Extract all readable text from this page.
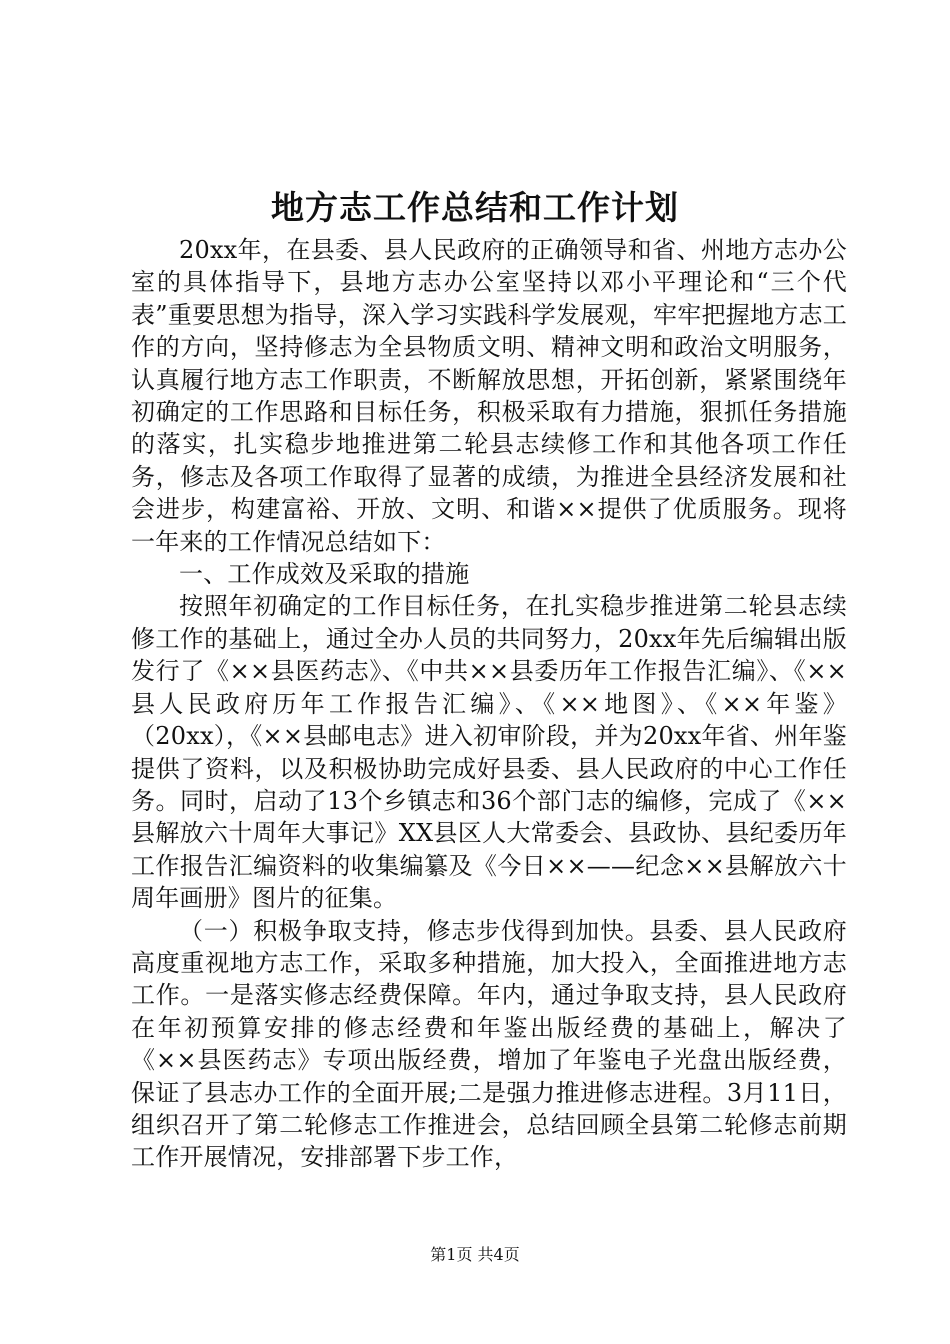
地方志工作总结和工作计划

20xx年，在县委、县人民政府的正确领导和省、州地方志办公室的具体指导下，县地方志办公室坚持以邓小平理论和“三个代表”重要思想为指导，深入学习实践科学发展观，牢牢把握地方志工作的方向，坚持修志为全县物质文明、精神文明和政治文明服务，认真履行地方志工作职责，不断解放思想，开拓创新，紧紧围绕年初确定的工作思路和目标任务，积极采取有力措施，狠抓任务措施的落实，扎实稳步地推进第二轮县志续修工作和其他各项工作任务，修志及各项工作取得了显著的成绩，为推进全县经济发展和社会进步，构建富裕、开放、文明、和谐××提供了优质服务。现将一年来的工作情况总结如下：

一、工作成效及采取的措施

按照年初确定的工作目标任务，在扎实稳步推进第二轮县志续修工作的基础上，通过全办人员的共同努力，20xx年先后编辑出版发行了《××县医药志》、《中共××县委历年工作报告汇编》、《××县人民政府历年工作报告汇编》、《××地图》、《××年鉴》（20xx），《××县邮电志》进入初审阶段，并为20xx年省、州年鉴提供了资料，以及积极协助完成好县委、县人民政府的中心工作任务。同时，启动了13个乡镇志和36个部门志的编修，完成了《××县解放六十周年大事记》XX县区人大常委会、县政协、县纪委历年工作报告汇编资料的收集编纂及《今日××——纪念××县解放六十周年画册》图片的征集。

（一）积极争取支持，修志步伐得到加快。县委、县人民政府高度重视地方志工作，采取多种措施，加大投入，全面推进地方志工作。一是落实修志经费保障。年内，通过争取支持，县人民政府在年初预算安排的修志经费和年鉴出版经费的基础上，解决了《××县医药志》专项出版经费，增加了年鉴电子光盘出版经费，保证了县志办工作的全面开展;二是强力推进修志进程。3月11日，组织召开了第二轮修志工作推进会，总结回顾全县第二轮修志前期工作开展情况，安排部署下步工作，

第1页 共4页
